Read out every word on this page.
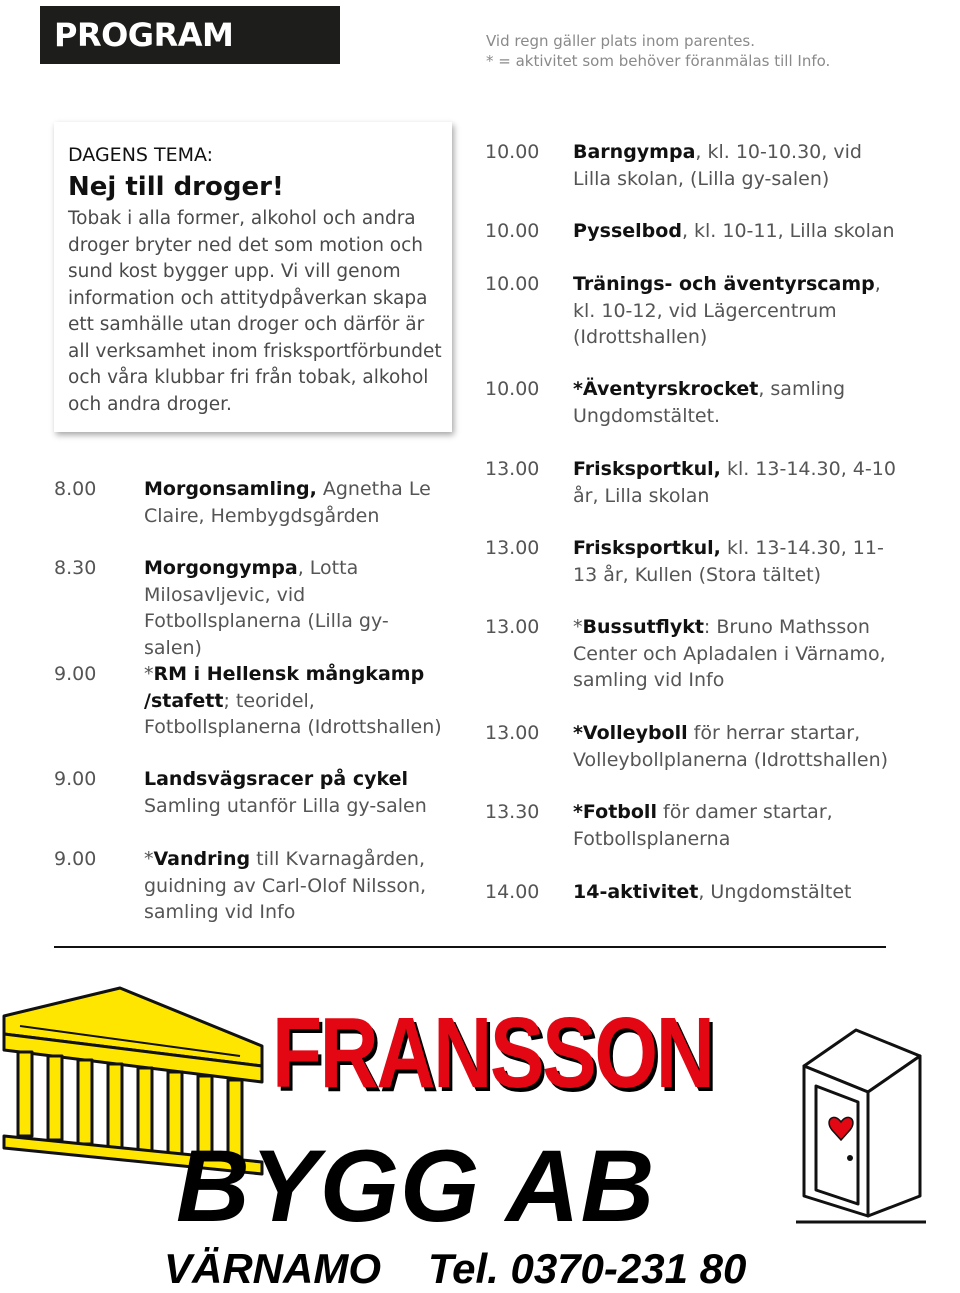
PROGRAM	Vid regn gäller plats inom parentes.
* = aktivitet som behöver föranmälas till Info.
DAGENS TEMA:
Nej till droger!
Tobak i alla former, alkohol och andra droger bryter ned det som motion och sund kost bygger upp. Vi vill genom information och attitydpåverkan skapa ett samhälle utan droger och därför är all verksamhet inom frisksportförbundet och våra klubbar fri från tobak, alkohol och andra droger.
8.00	Morgonsamling, Agnetha Le Claire, Hembygdsgården
8.30	Morgongympa, Lotta Milosavljevic, vid Fotbollsplanerna (Lilla gy-salen)
9.00	*RM i Hellensk mångkamp /stafett; teoridel, Fotbollsplanerna (Idrottshallen)
9.00	Landsvägsracer på cykel Samling utanför Lilla gy-salen
9.00	*Vandring till Kvarnagården, guidning av Carl-Olof Nilsson, samling vid Info
10.00 Barngympa, kl. 10-10.30, vid Lilla skolan, (Lilla gy-salen)
10.00 Pysselbod, kl. 10-11, Lilla skolan
10.00 Tränings- och äventyrscamp, kl. 10-12, vid Lägercentrum (Idrottshallen)
10.00 *Äventyrskrocket, samling Ungdomstältet.
13.00 Frisksportkul, kl. 13-14.30, 4-10 år, Lilla skolan
13.00 Frisksportkul, kl. 13-14.30, 11-13 år, Kullen (Stora tältet)
13.00 *Bussutflykt: Bruno Mathsson Center och Apladalen i Värnamo, samling vid Info
13.00 *Volleyboll för herrar startar, Volleybollplanerna (Idrottshallen)
13.30 *Fotboll för damer startar, Fotbollsplanerna
14.00 14-aktivitet, Ungdomstältet
FRANSSON
BYGG AB
VÄRNAMO Tel. 0370-231 80
